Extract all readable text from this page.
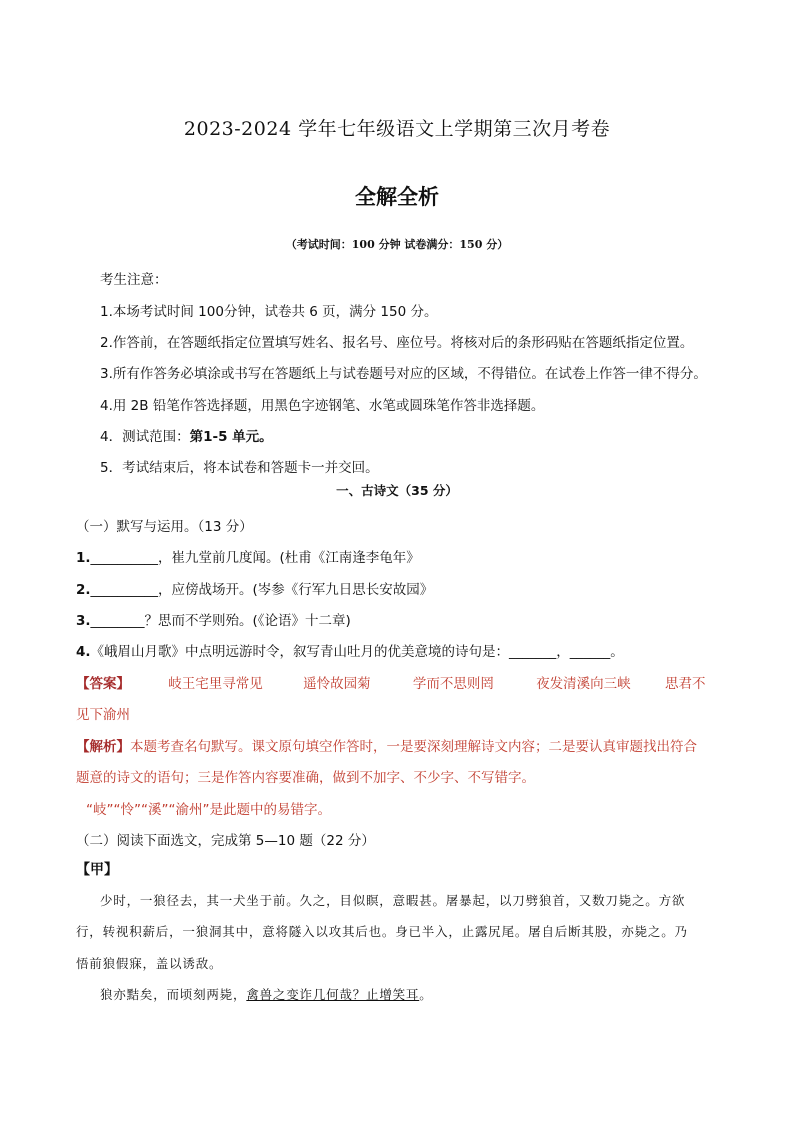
2023-2024 学年七年级语文上学期第三次月考卷
全解全析
（考试时间：100 分钟 试卷满分：150 分）
考生注意：
1.本场考试时间 100分钟，试卷共 6 页，满分 150 分。
2.作答前，在答题纸指定位置填写姓名、报名号、座位号。将核对后的条形码贴在答题纸指定位置。
3.所有作答务必填涂或书写在答题纸上与试卷题号对应的区域，不得错位。在试卷上作答一律不得分。
4.用 2B 铅笔作答选择题，用黑色字迹钢笔、水笔或圆珠笔作答非选择题。
4．测试范围：第1-5 单元。
5．考试结束后，将本试卷和答题卡一并交回。
一、古诗文（35 分）
（一）默写与运用。（13 分）
1.__________，崔九堂前几度闻。(杜甫《江南逢李龟年》
2.__________，应傍战场开。(岑参《行军九日思长安故园》
3.________？思而不学则殆。(《论语》十二章)
4.《峨眉山月歌》中点明远游时令，叙写青山吐月的优美意境的诗句是：_______，______。
【答案】	岐王宅里寻常见	遥怜故园菊	学而不思则罔	夜发清溪向三峡	思君不
见下渝州
【解析】本题考查名句默写。课文原句填空作答时，一是要深刻理解诗文内容；二是要认真审题找出符合
题意的诗文的语句；三是作答内容要准确，做到不加字、不少字、不写错字。
“岐”“怜”“溪”“渝州”是此题中的易错字。
（二）阅读下面选文，完成第 5—10 题（22 分）
【甲】
少时，一狼径去，其一犬坐于前。久之，目似瞑，意暇甚。屠暴起，以刀劈狼首，又数刀毙之。方欲
行，转视积薪后，一狼洞其中，意将隧入以攻其后也。身已半入，止露尻尾。屠自后断其股，亦毙之。乃
悟前狼假寐，盖以诱敌。
狼亦黠矣，而顷刻两毙，禽兽之变诈几何哉？止增笑耳。
